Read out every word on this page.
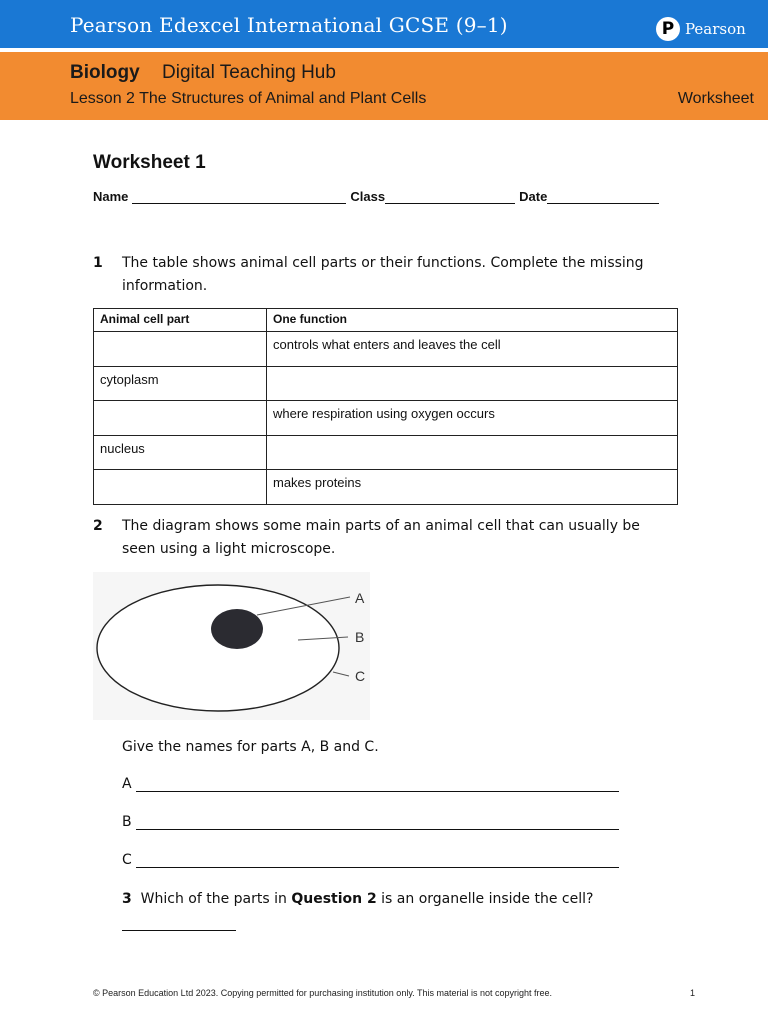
Pearson Edexcel International GCSE (9–1)	P Pearson
Biology Digital Teaching Hub
Lesson 2 The Structures of Animal and Plant Cells	Worksheet
Worksheet 1
Name	Class	Date
1 The table shows animal cell parts or their functions. Complete the missing information.
Animal cell part	One function
	controls what enters and leaves the cell
cytoplasm	
	where respiration using oxygen occurs
nucleus	
	makes proteins
2 The diagram shows some main parts of an animal cell that can usually be seen using a light microscope.
A
B
C
Give the names for parts A, B and C.
A
B
C
3 Which of the parts in Question 2 is an organelle inside the cell?
© Pearson Education Ltd 2023. Copying permitted for purchasing institution only. This material is not copyright free.	1
